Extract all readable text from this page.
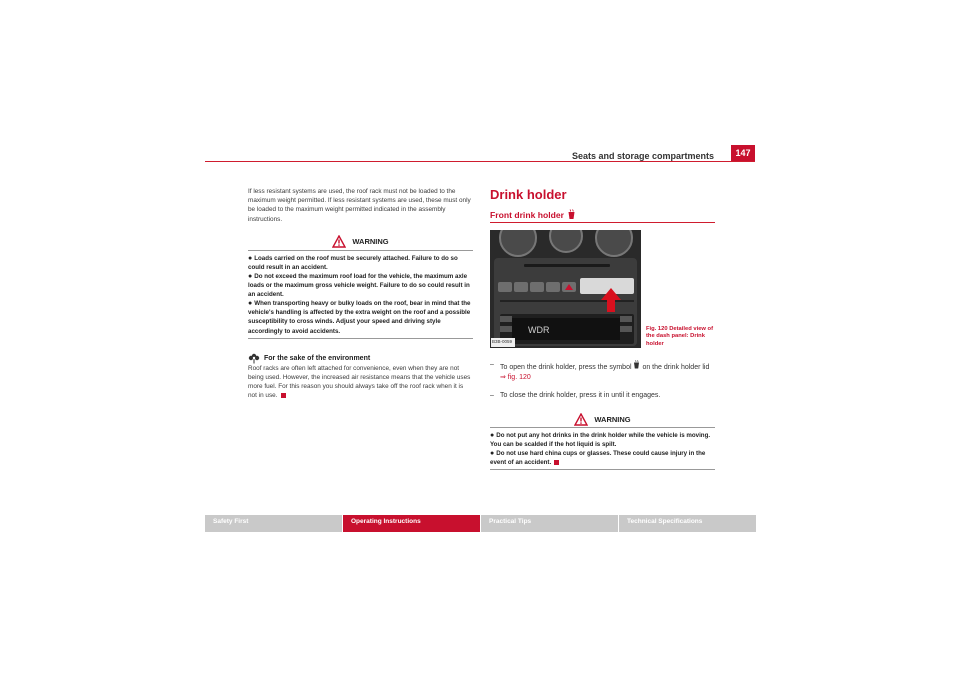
Seats and storage compartments	147

If less resistant systems are used, the roof rack must not be loaded to the maximum weight permitted. If less resistant systems are used, these must only be loaded to the maximum weight permitted indicated in the assembly instructions.

WARNING
● Loads carried on the roof must be securely attached. Failure to do so could result in an accident.
● Do not exceed the maximum roof load for the vehicle, the maximum axle loads or the maximum gross vehicle weight. Failure to do so could result in an accident.
● When transporting heavy or bulky loads on the roof, bear in mind that the vehicle's handling is affected by the extra weight on the roof and a possible susceptibility to cross winds. Adjust your speed and driving style accordingly to avoid accidents.
For the sake of the environment

Roof racks are often left attached for convenience, even when they are not being used. However, the increased air resistance means that the vehicle uses more fuel. For this reason you should always take off the roof rack when it is not in use.

Drink holder
Front drink holder
WDR
B3B-0059
Fig. 120 Detailed view of the dash panel: Drink holder
– To open the drink holder, press the symbol on the drink holder lid ⇒ fig. 120
– To close the drink holder, press it in until it engages.
WARNING
● Do not put any hot drinks in the drink holder while the vehicle is moving. You can be scalded if the hot liquid is spilt.
● Do not use hard china cups or glasses. These could cause injury in the event of an accident.
Safety First	Operating Instructions	Practical Tips	Technical Specifications
